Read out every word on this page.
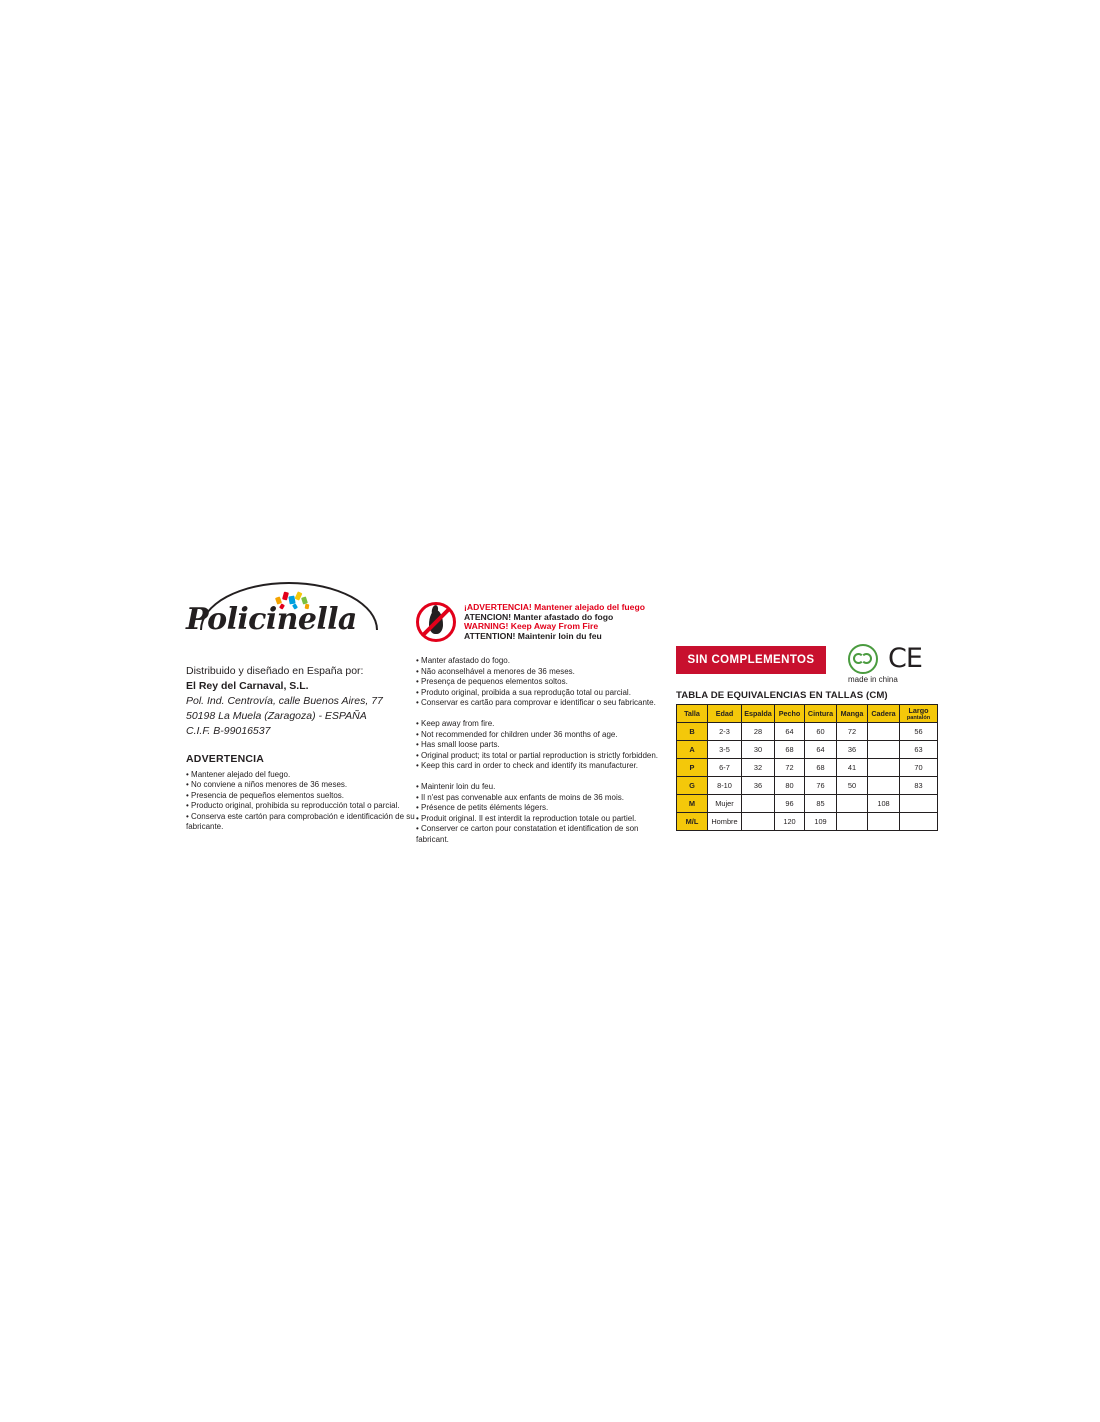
Policinella
Distribuido y diseñado en España por:
El Rey del Carnaval, S.L.
Pol. Ind. Centrovía, calle Buenos Aires, 77
50198 La Muela (Zaragoza) - ESPAÑA
C.I.F. B-99016537
ADVERTENCIA
• Mantener alejado del fuego.
• No conviene a niños menores de 36 meses.
• Presencia de pequeños elementos sueltos.
• Producto original, prohibida su reproducción total o parcial.
• Conserva este cartón para comprobación e identificación de su fabricante.
¡ADVERTENCIA! Mantener alejado del fuego
ATENCION! Manter afastado do fogo
WARNING! Keep Away From Fire
ATTENTION! Maintenir loin du feu
• Manter afastado do fogo.
• Não aconselhável a menores de 36 meses.
• Presença de pequenos elementos soltos.
• Produto original, proibida a sua reprodução total ou parcial.
• Conservar es cartão para comprovar e identificar o seu fabricante.
• Keep away from fire.
• Not recommended for children under 36 months of age.
• Has small loose parts.
• Original product; its total or partial reproduction is strictly forbidden.
• Keep this card in order to check and identify its manufacturer.
• Maintenir loin du feu.
• Il n'est pas convenable aux enfants de moins de 36 mois.
• Présence de petits éléments légers.
• Produit original. Il est interdit la reproduction totale ou partiel.
• Conserver ce carton pour constatation et identification de son fabricant.
SIN COMPLEMENTOS	CE
made in china
TABLA DE EQUIVALENCIAS EN TALLAS (CM)
Talla	Edad	Espalda	Pecho	Cintura	Manga	Cadera	Largo
pantalón

B	2-3	28	64	60	72		56
A	3-5	30	68	64	36		63
P	6-7	32	72	68	41		70
G	8-10	36	80	76	50		83
M	Mujer		96	85		108	
M/L	Hombre		120	109			
